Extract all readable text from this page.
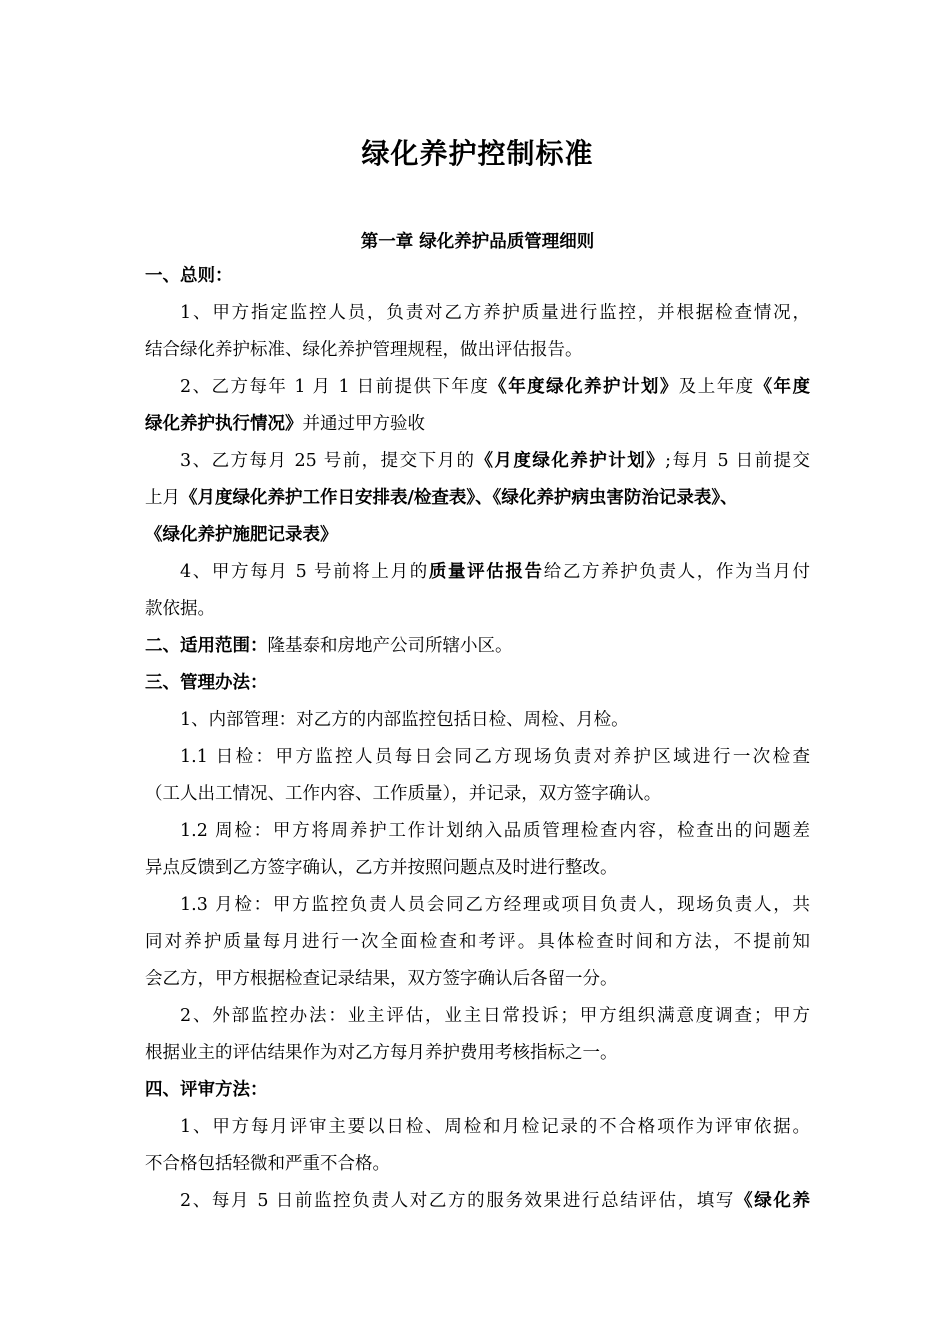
绿化养护控制标准
第一章 绿化养护品质管理细则
一、总则：
1、甲方指定监控人员，负责对乙方养护质量进行监控，并根据检查情况，
结合绿化养护标准、绿化养护管理规程，做出评估报告。
2、乙方每年 1 月 1 日前提供下年度《年度绿化养护计划》及上年度《年度
绿化养护执行情况》并通过甲方验收
3、乙方每月 25 号前，提交下月的《月度绿化养护计划》;每月 5 日前提交
上月《月度绿化养护工作日安排表/检查表》、《绿化养护病虫害防治记录表》、
《绿化养护施肥记录表》
4、甲方每月 5 号前将上月的质量评估报告给乙方养护负责人，作为当月付
款依据。
二、适用范围：隆基泰和房地产公司所辖小区。
三、管理办法：
1、内部管理：对乙方的内部监控包括日检、周检、月检。
1.1 日检：甲方监控人员每日会同乙方现场负责对养护区域进行一次检查
（工人出工情况、工作内容、工作质量），并记录，双方签字确认。
1.2 周检：甲方将周养护工作计划纳入品质管理检查内容，检查出的问题差
异点反馈到乙方签字确认，乙方并按照问题点及时进行整改。
1.3 月检：甲方监控负责人员会同乙方经理或项目负责人，现场负责人，共
同对养护质量每月进行一次全面检查和考评。具体检查时间和方法，不提前知
会乙方，甲方根据检查记录结果，双方签字确认后各留一分。
2、外部监控办法：业主评估，业主日常投诉；甲方组织满意度调查；甲方
根据业主的评估结果作为对乙方每月养护费用考核指标之一。
四、评审方法：
1、甲方每月评审主要以日检、周检和月检记录的不合格项作为评审依据。
不合格包括轻微和严重不合格。
2、每月 5 日前监控负责人对乙方的服务效果进行总结评估，填写《绿化养
